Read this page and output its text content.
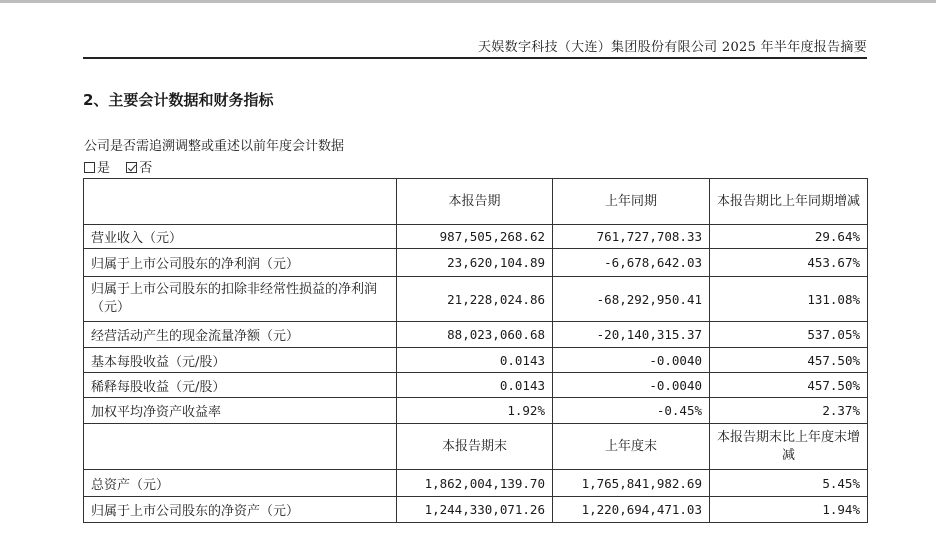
天娱数字科技（大连）集团股份有限公司 2025 年半年度报告摘要
2、主要会计数据和财务指标
公司是否需追溯调整或重述以前年度会计数据
是 否
	本报告期	上年同期	本报告期比上年同期增减
营业收入（元）	987,505,268.62	761,727,708.33	29.64%
归属于上市公司股东的净利润（元）	23,620,104.89	-6,678,642.03	453.67%
归属于上市公司股东的扣除非经常性损益的净利润（元）	21,228,024.86	-68,292,950.41	131.08%
经营活动产生的现金流量净额（元）	88,023,060.68	-20,140,315.37	537.05%
基本每股收益（元/股）	0.0143	-0.0040	457.50%
稀释每股收益（元/股）	0.0143	-0.0040	457.50%
加权平均净资产收益率	1.92%	-0.45%	2.37%
	本报告期末	上年度末	本报告期末比上年度末增减
总资产（元）	1,862,004,139.70	1,765,841,982.69	5.45%
归属于上市公司股东的净资产（元）	1,244,330,071.26	1,220,694,471.03	1.94%
